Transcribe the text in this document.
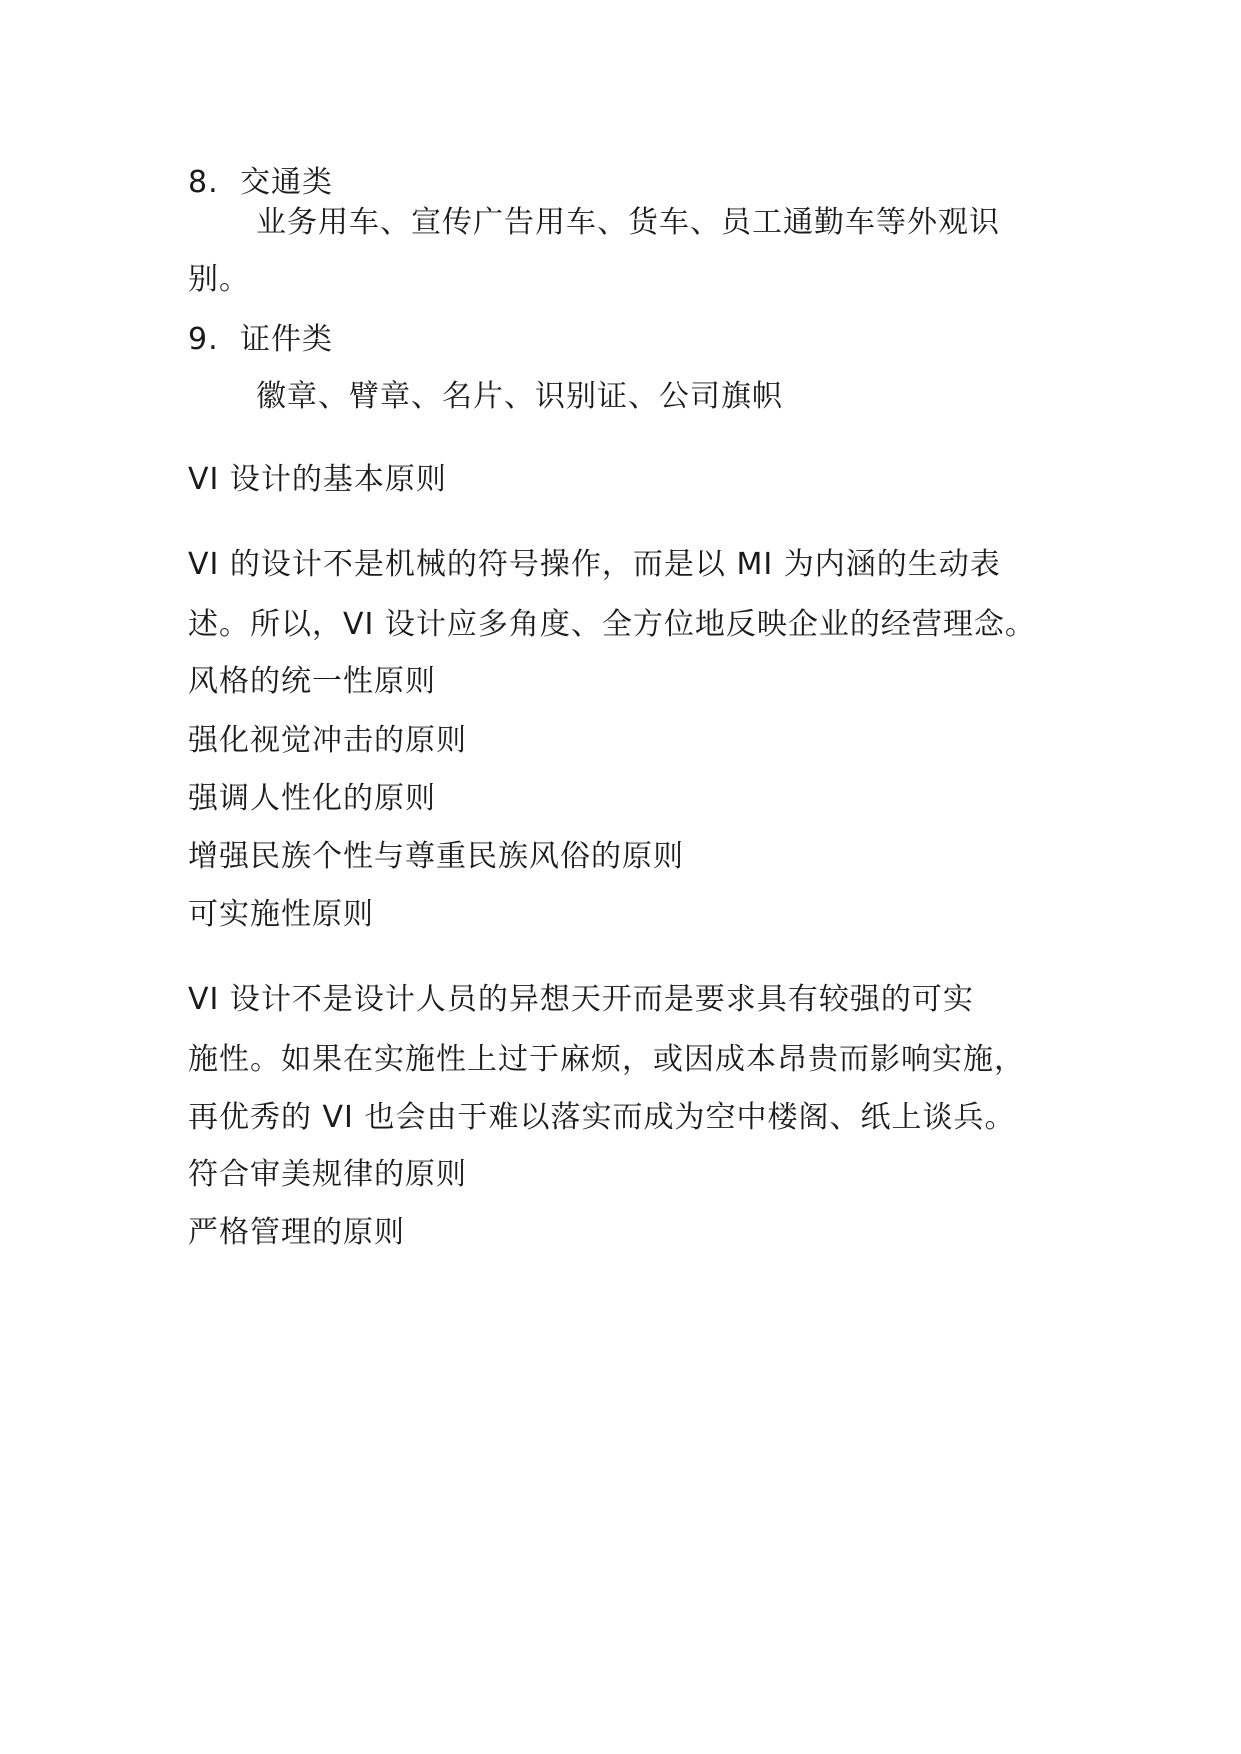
8. 交通类
业务用车、宣传广告用车、货车、员工通勤车等外观识
别。
9. 证件类
徽章、臂章、名片、识别证、公司旗帜
VI 设计的基本原则
VI 的设计不是机械的符号操作，而是以 MI 为内涵的生动表
述。所以，VI 设计应多角度、全方位地反映企业的经营理念。
风格的统一性原则
强化视觉冲击的原则
强调人性化的原则
增强民族个性与尊重民族风俗的原则
可实施性原则
VI 设计不是设计人员的异想天开而是要求具有较强的可实
施性。如果在实施性上过于麻烦，或因成本昂贵而影响实施，
再优秀的 VI 也会由于难以落实而成为空中楼阁、纸上谈兵。
符合审美规律的原则
严格管理的原则
